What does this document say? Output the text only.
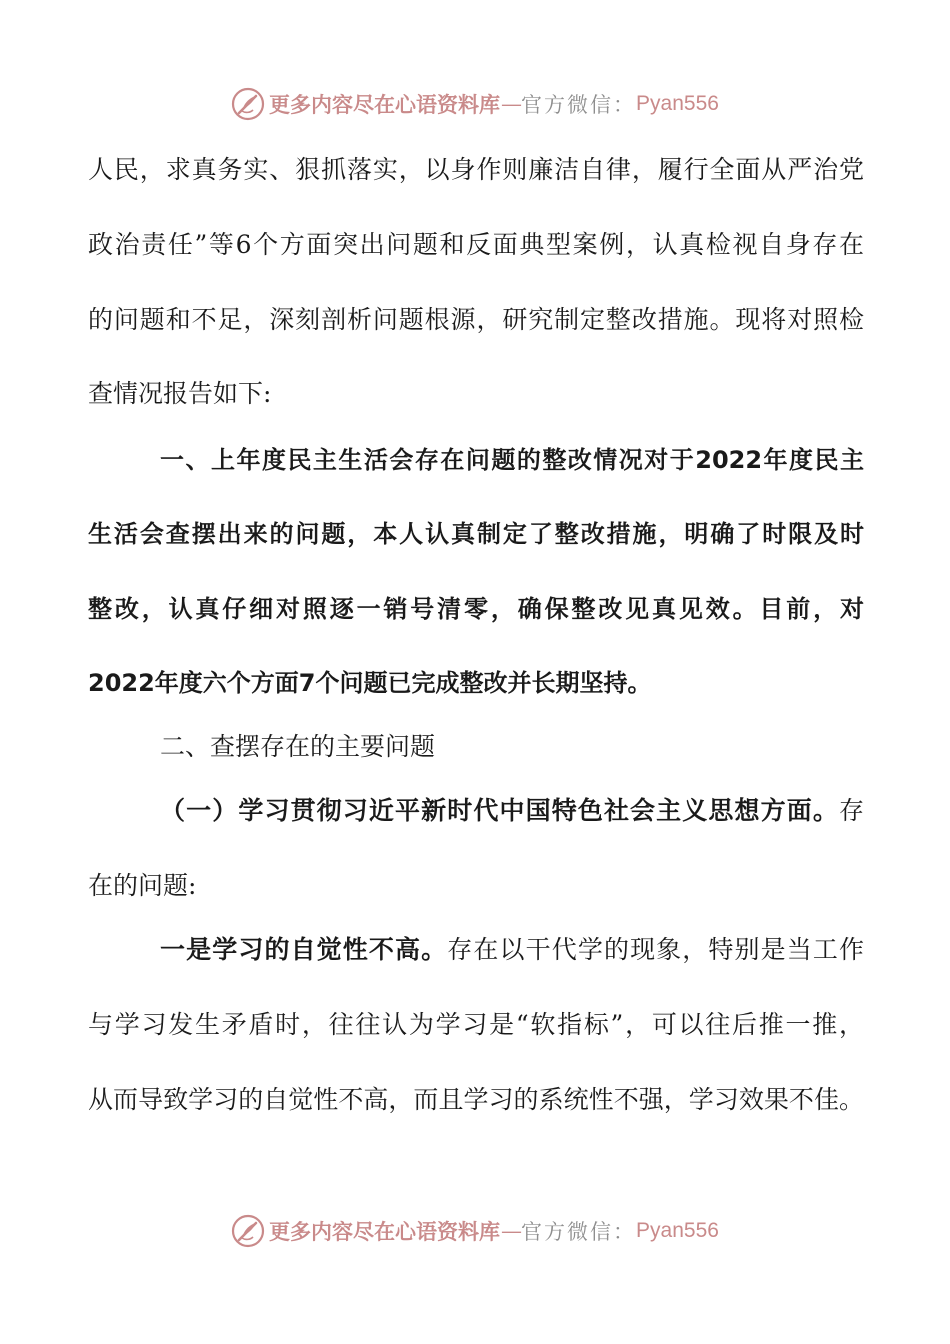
更多内容尽在心语资料库 — 官方微信： Pyan556
人民，求真务实、狠抓落实，以身作则廉洁自律，履行全面从严治党
政治责任”等6个方面突出问题和反面典型案例，认真检视自身存在
的问题和不足，深刻剖析问题根源，研究制定整改措施。现将对照检
查情况报告如下:
一、上年度民主生活会存在问题的整改情况对于2022年度民主
生活会查摆出来的问题，本人认真制定了整改措施，明确了时限及时
整改，认真仔细对照逐一销号清零，确保整改见真见效。目前，对
2022年度六个方面7个问题已完成整改并长期坚持。
二、查摆存在的主要问题
（一）学习贯彻习近平新时代中国特色社会主义思想方面。存
在的问题:
一是学习的自觉性不高。存在以干代学的现象，特别是当工作
与学习发生矛盾时，往往认为学习是“软指标”，可以往后推一推，
从而导致学习的自觉性不高，而且学习的系统性不强，学习效果不佳。
更多内容尽在心语资料库 — 官方微信： Pyan556
